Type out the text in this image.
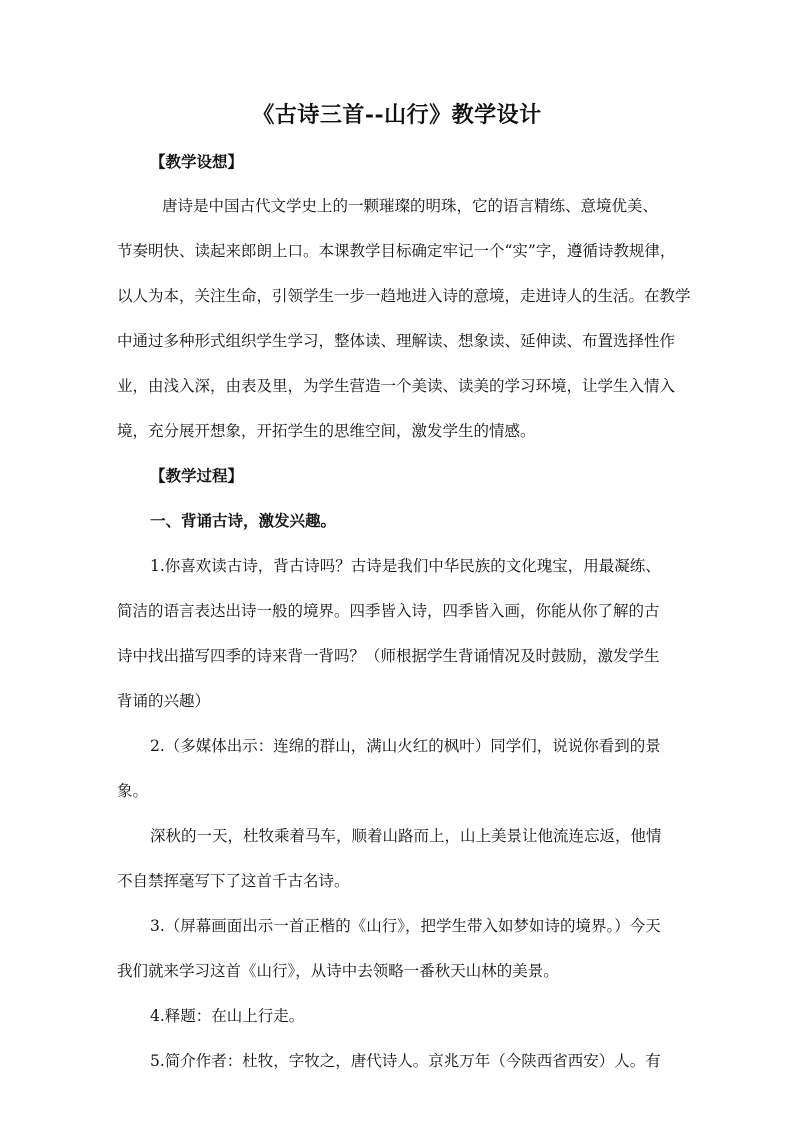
《古诗三首--山行》教学设计
【教学设想】
唐诗是中国古代文学史上的一颗璀璨的明珠，它的语言精练、意境优美、
节奏明快、读起来郎朗上口。本课教学目标确定牢记一个“实”字，遵循诗教规律，
以人为本，关注生命，引领学生一步一趋地进入诗的意境，走进诗人的生活。在教学
中通过多种形式组织学生学习，整体读、理解读、想象读、延伸读、布置选择性作
业，由浅入深，由表及里，为学生营造一个美读、读美的学习环境，让学生入情入
境，充分展开想象，开拓学生的思维空间，激发学生的情感。
【教学过程】
一、背诵古诗，激发兴趣。
1.你喜欢读古诗，背古诗吗？古诗是我们中华民族的文化瑰宝，用最凝练、
简洁的语言表达出诗一般的境界。四季皆入诗，四季皆入画，你能从你了解的古
诗中找出描写四季的诗来背一背吗？（师根据学生背诵情况及时鼓励，激发学生
背诵的兴趣）
2.（多媒体出示：连绵的群山，满山火红的枫叶）同学们，说说你看到的景
象。
深秋的一天，杜牧乘着马车，顺着山路而上，山上美景让他流连忘返，他情
不自禁挥毫写下了这首千古名诗。
3.（屏幕画面出示一首正楷的《山行》，把学生带入如梦如诗的境界。）今天
我们就来学习这首《山行》，从诗中去领略一番秋天山林的美景。
4.释题：在山上行走。
5.简介作者：杜牧，字牧之，唐代诗人。京兆万年（今陕西省西安）人。有
